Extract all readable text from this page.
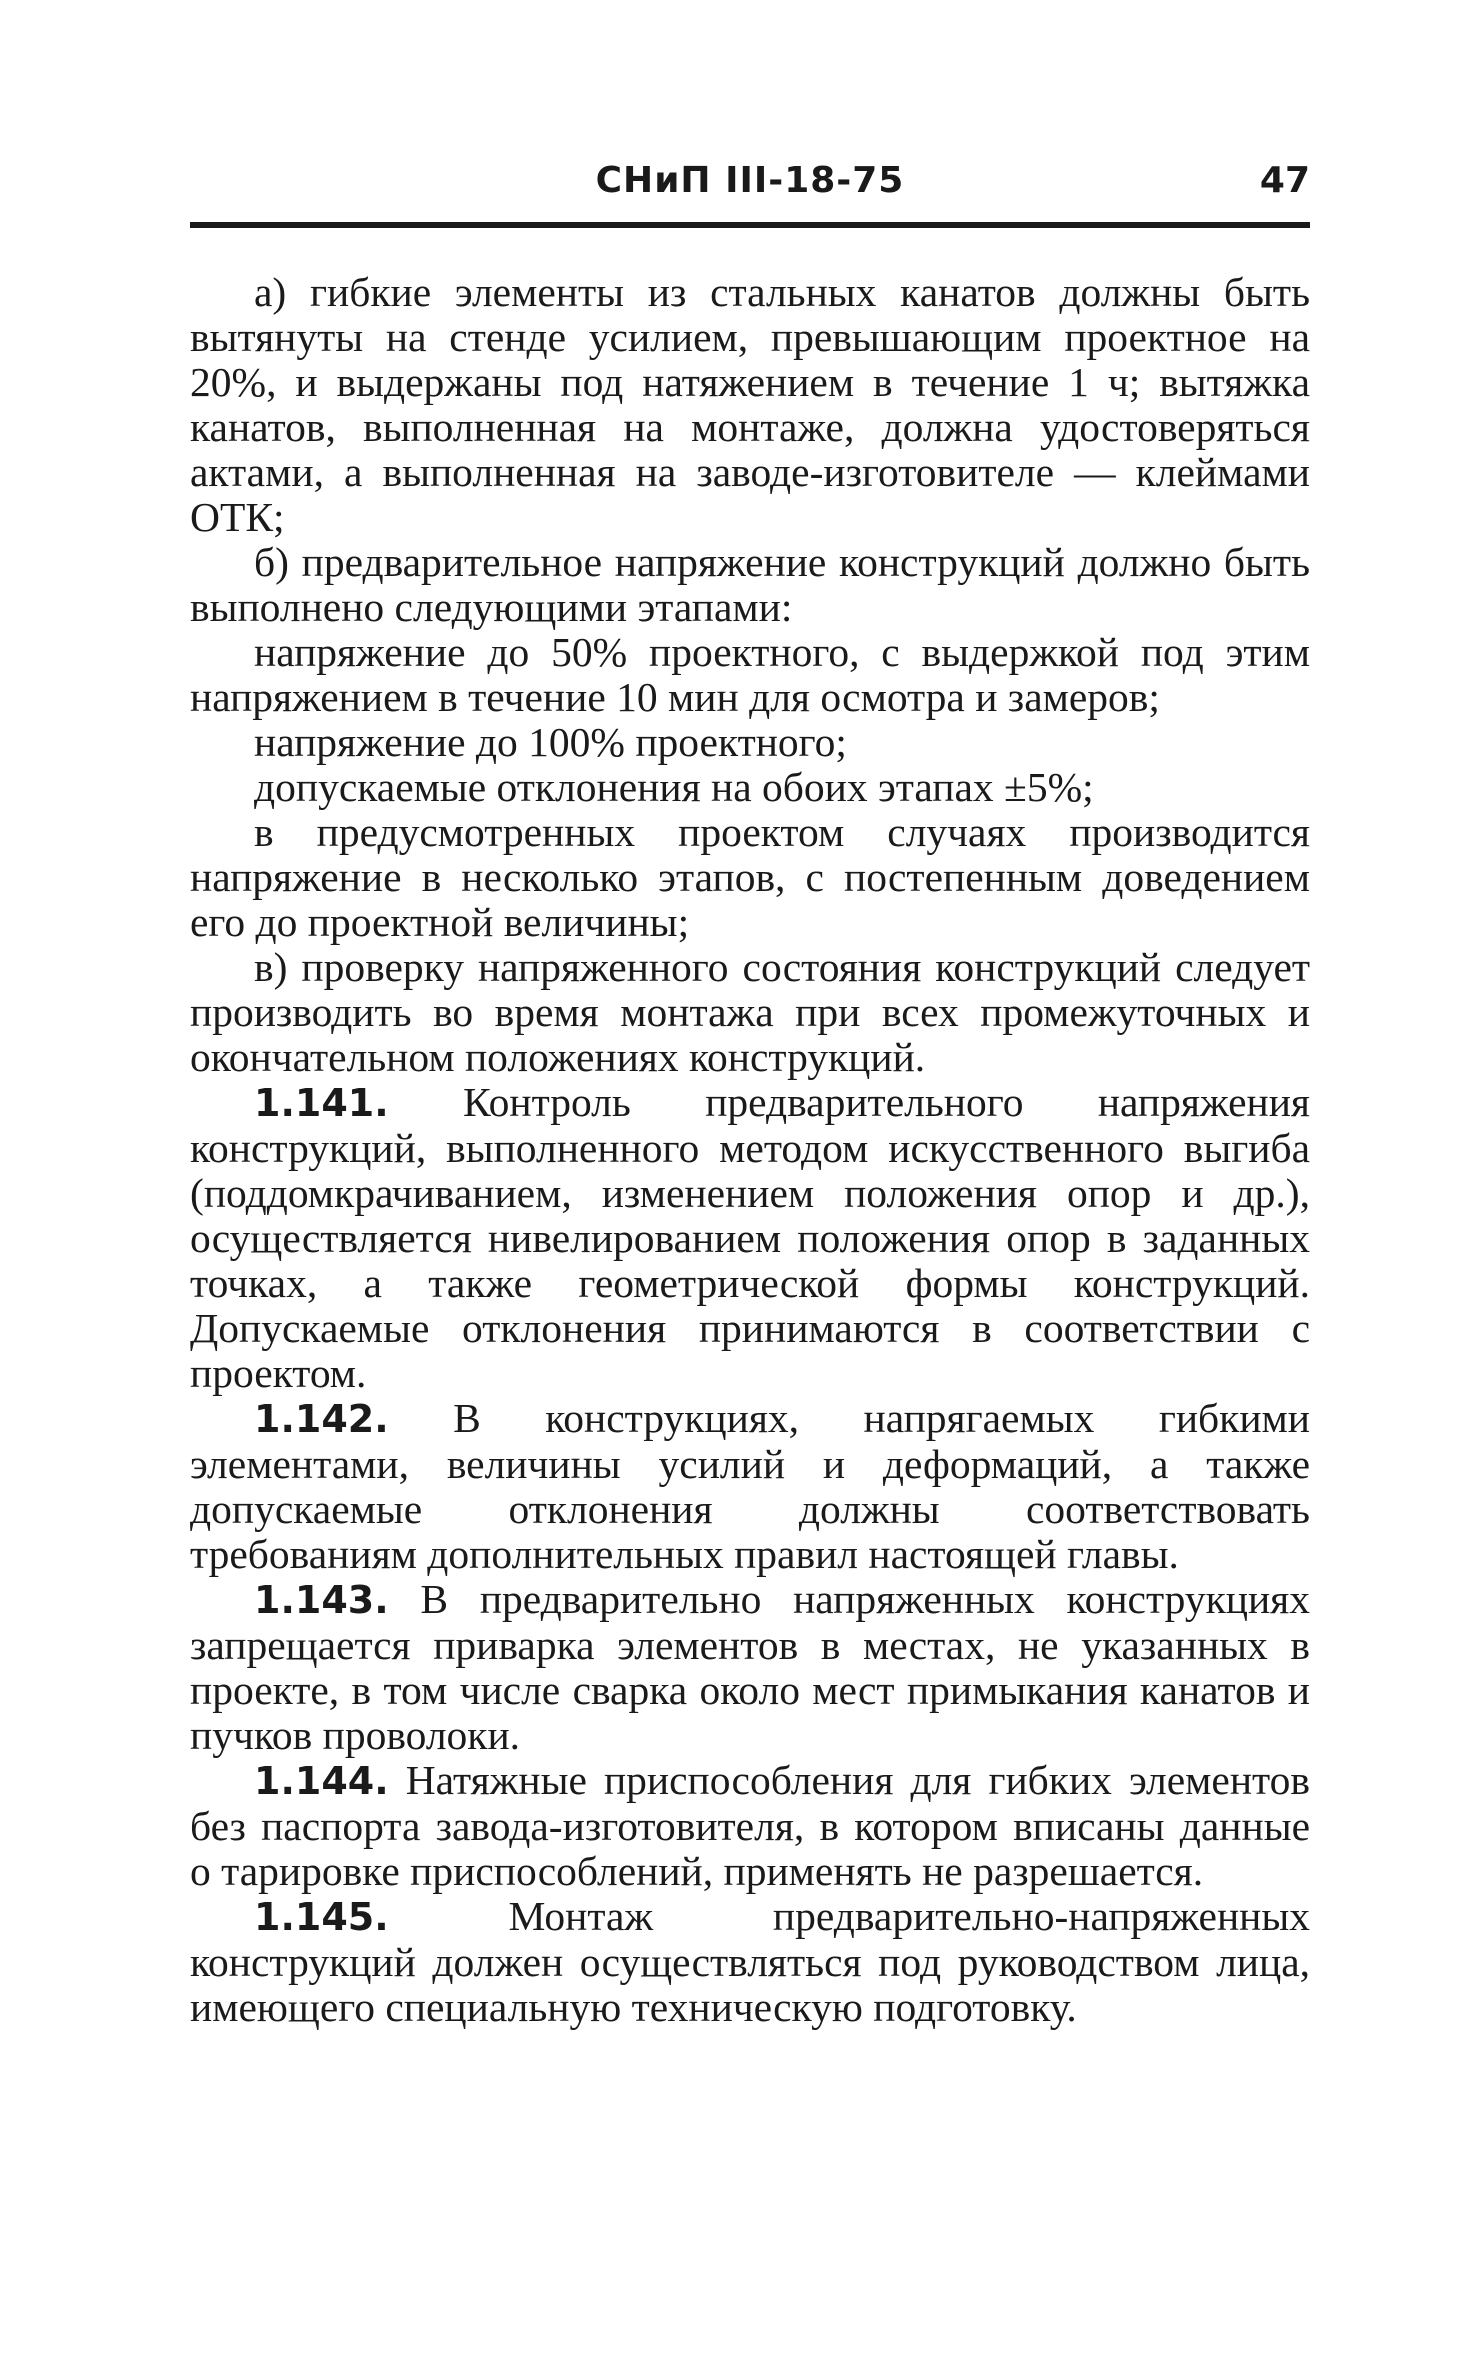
СНиП III-18-75	47

а) гибкие элементы из стальных канатов должны быть вытянуты на стенде усилием, превышающим проектное на 20%, и выдержаны под натяжением в течение 1 ч; вытяжка канатов, выполненная на монтаже, должна удостоверяться актами, а выполненная на заводе-изготовителе — клеймами ОТК;

б) предварительное напряжение конструкций должно быть выполнено следующими этапами:

напряжение до 50% проектного, с выдержкой под этим напряжением в течение 10 мин для осмотра и замеров;

напряжение до 100% проектного;

допускаемые отклонения на обоих этапах ±5%;

в предусмотренных проектом случаях производится напряжение в несколько этапов, с постепенным доведением его до проектной величины;

в) проверку напряженного состояния конструкций следует производить во время монтажа при всех промежуточных и окончательном положениях конструкций.

1.141. Контроль предварительного напряжения конструкций, выполненного методом искусственного выгиба (поддомкрачиванием, изменением положения опор и др.), осуществляется нивелированием положения опор в заданных точках, а также геометрической формы конструкций. Допускаемые отклонения принимаются в соответствии с проектом.

1.142. В конструкциях, напрягаемых гибкими элементами, величины усилий и деформаций, а также допускаемые отклонения должны соответствовать требованиям дополнительных правил настоящей главы.

1.143. В предварительно напряженных конструкциях запрещается приварка элементов в местах, не указанных в проекте, в том числе сварка около мест примыкания канатов и пучков проволоки.

1.144. Натяжные приспособления для гибких элементов без паспорта завода-изготовителя, в котором вписаны данные о тарировке приспособлений, применять не разрешается.

1.145.	Монтаж предварительно-напряженных конструкций должен осуществляться под руководством лица, имеющего специальную техническую подготовку.
